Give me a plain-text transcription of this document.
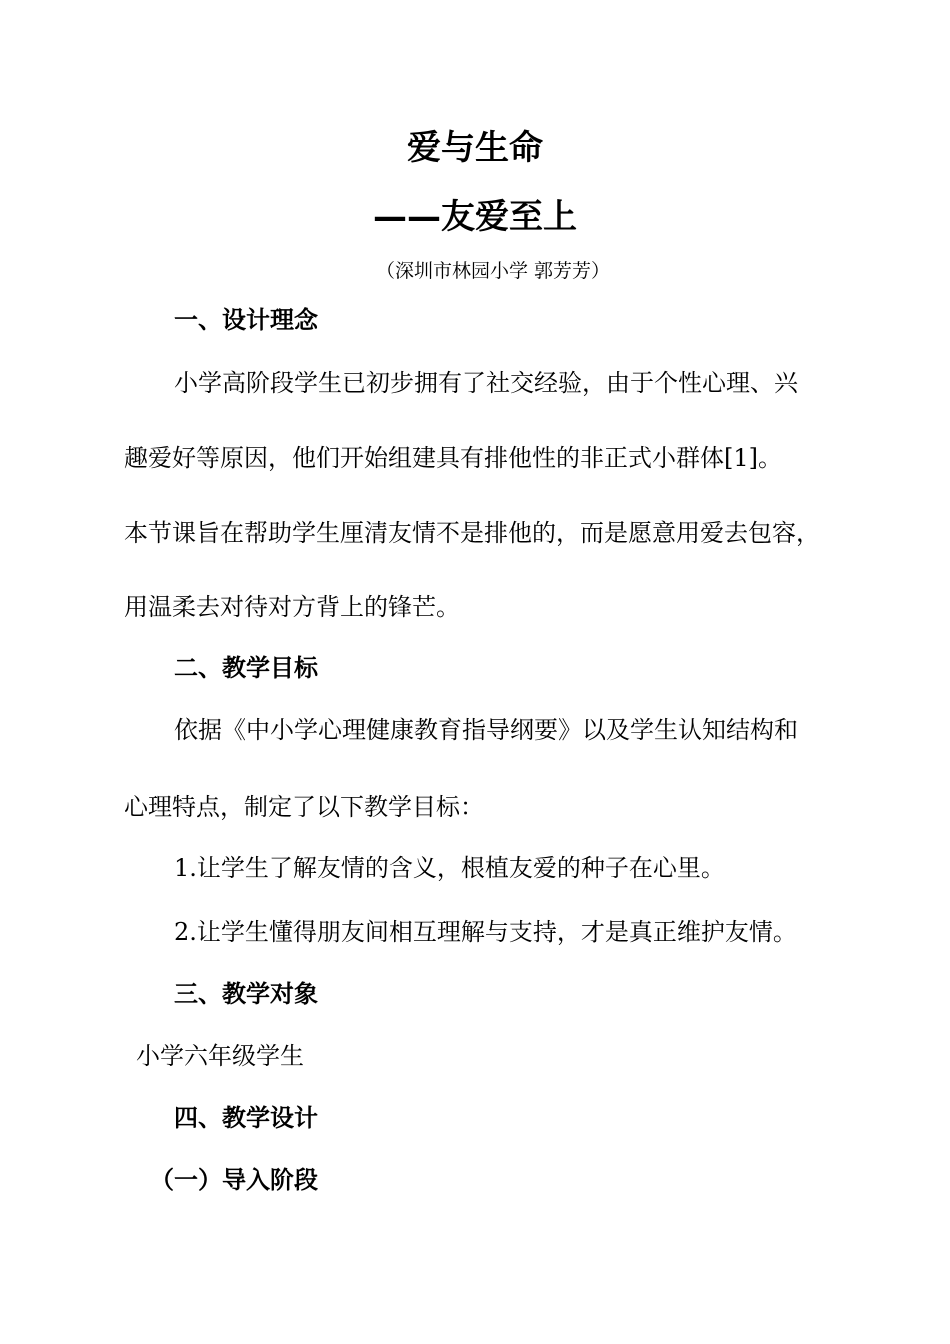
爱与生命
——友爱至上

（深圳市林园小学 郭芳芳）

一、设计理念

小学高阶段学生已初步拥有了社交经验，由于个性心理、兴

趣爱好等原因，他们开始组建具有排他性的非正式小群体[1]。

本节课旨在帮助学生厘清友情不是排他的，而是愿意用爱去包容，

用温柔去对待对方背上的锋芒。

二、教学目标

依据《中小学心理健康教育指导纲要》以及学生认知结构和

心理特点，制定了以下教学目标：

1.让学生了解友情的含义，根植友爱的种子在心里。

2.让学生懂得朋友间相互理解与支持，才是真正维护友情。

三、教学对象

小学六年级学生

四、教学设计
（一）导入阶段
